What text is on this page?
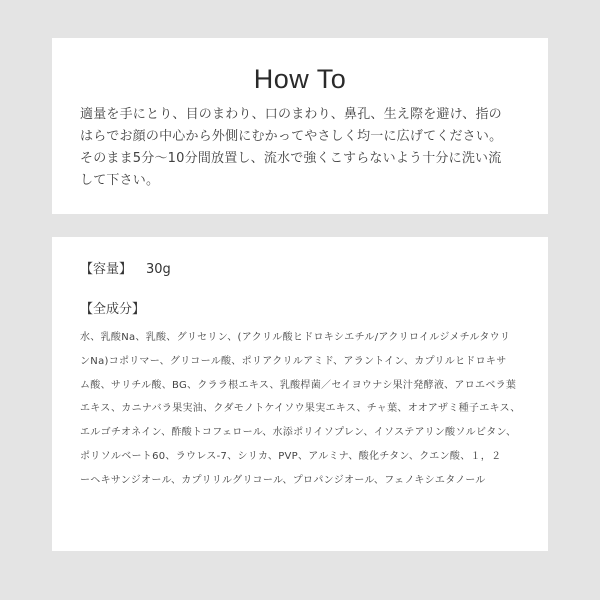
How To
適量を手にとり、目のまわり、口のまわり、鼻孔、生え際を避け、指の
はらでお顔の中心から外側にむかってやさしく均一に広げてください。
そのまま5分〜10分間放置し、流水で強くこすらないよう十分に洗い流
して下さい。
【容量】 30g
【全成分】
水、乳酸Na、乳酸、グリセリン、(アクリル酸ヒドロキシエチル/アクリロイルジメチルタウリ
ンNa)コポリマー、グリコール酸、ポリアクリルアミド、アラントイン、カプリルヒドロキサ
ム酸、サリチル酸、BG、クララ根エキス、乳酸桿菌／セイヨウナシ果汁発酵液、アロエベラ葉
エキス、カニナバラ果実油、クダモノトケイソウ果実エキス、チャ葉、オオアザミ種子エキス、
エルゴチオネイン、酢酸トコフェロール、水添ポリイソプレン、イソステアリン酸ソルビタン、
ポリソルベート60、ラウレス-7、シリカ、PVP、アルミナ、酸化チタン、クエン酸、１，２
ーヘキサンジオール、カプリリルグリコール、プロパンジオール、フェノキシエタノール
